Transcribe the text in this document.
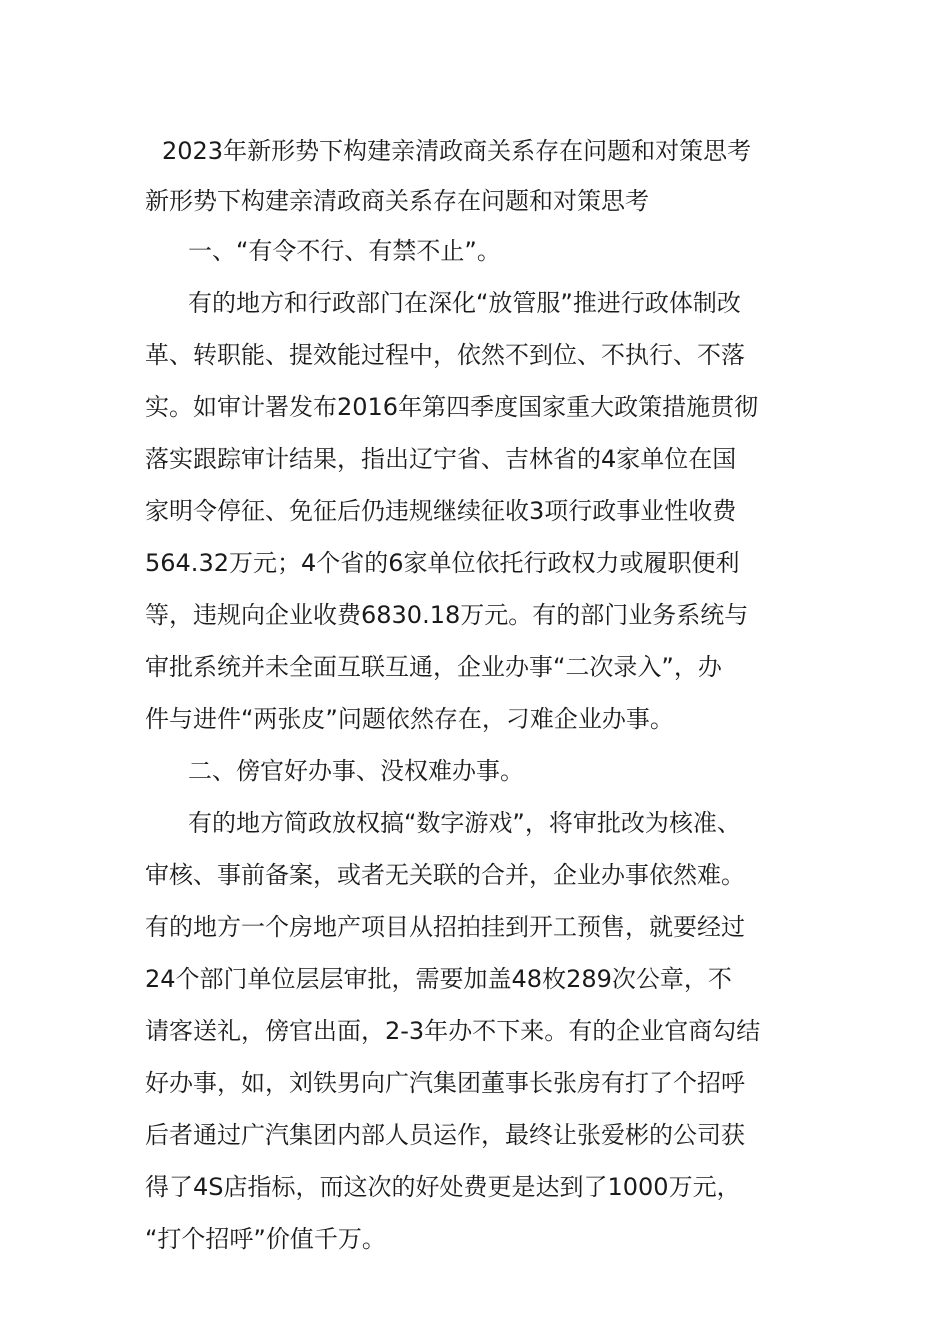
2023年新形势下构建亲清政商关系存在问题和对策思考
新形势下构建亲清政商关系存在问题和对策思考
一、“有令不行、有禁不止”。
有的地方和行政部门在深化“放管服”推进行政体制改
革、转职能、提效能过程中，依然不到位、不执行、不落
实。如审计署发布2016年第四季度国家重大政策措施贯彻
落实跟踪审计结果，指出辽宁省、吉林省的4家单位在国
家明令停征、免征后仍违规继续征收3项行政事业性收费
564.32万元；4个省的6家单位依托行政权力或履职便利
等，违规向企业收费6830.18万元。有的部门业务系统与
审批系统并未全面互联互通，企业办事“二次录入”，办
件与进件“两张皮”问题依然存在，刁难企业办事。
二、傍官好办事、没权难办事。
有的地方简政放权搞“数字游戏”，将审批改为核准、
审核、事前备案，或者无关联的合并，企业办事依然难。
有的地方一个房地产项目从招拍挂到开工预售，就要经过
24个部门单位层层审批，需要加盖48枚289次公章，不
请客送礼，傍官出面，2-3年办不下来。有的企业官商勾结
好办事，如，刘铁男向广汽集团董事长张房有打了个招呼
后者通过广汽集团内部人员运作，最终让张爱彬的公司获
得了4S店指标，而这次的好处费更是达到了1000万元，
“打个招呼”价值千万。
